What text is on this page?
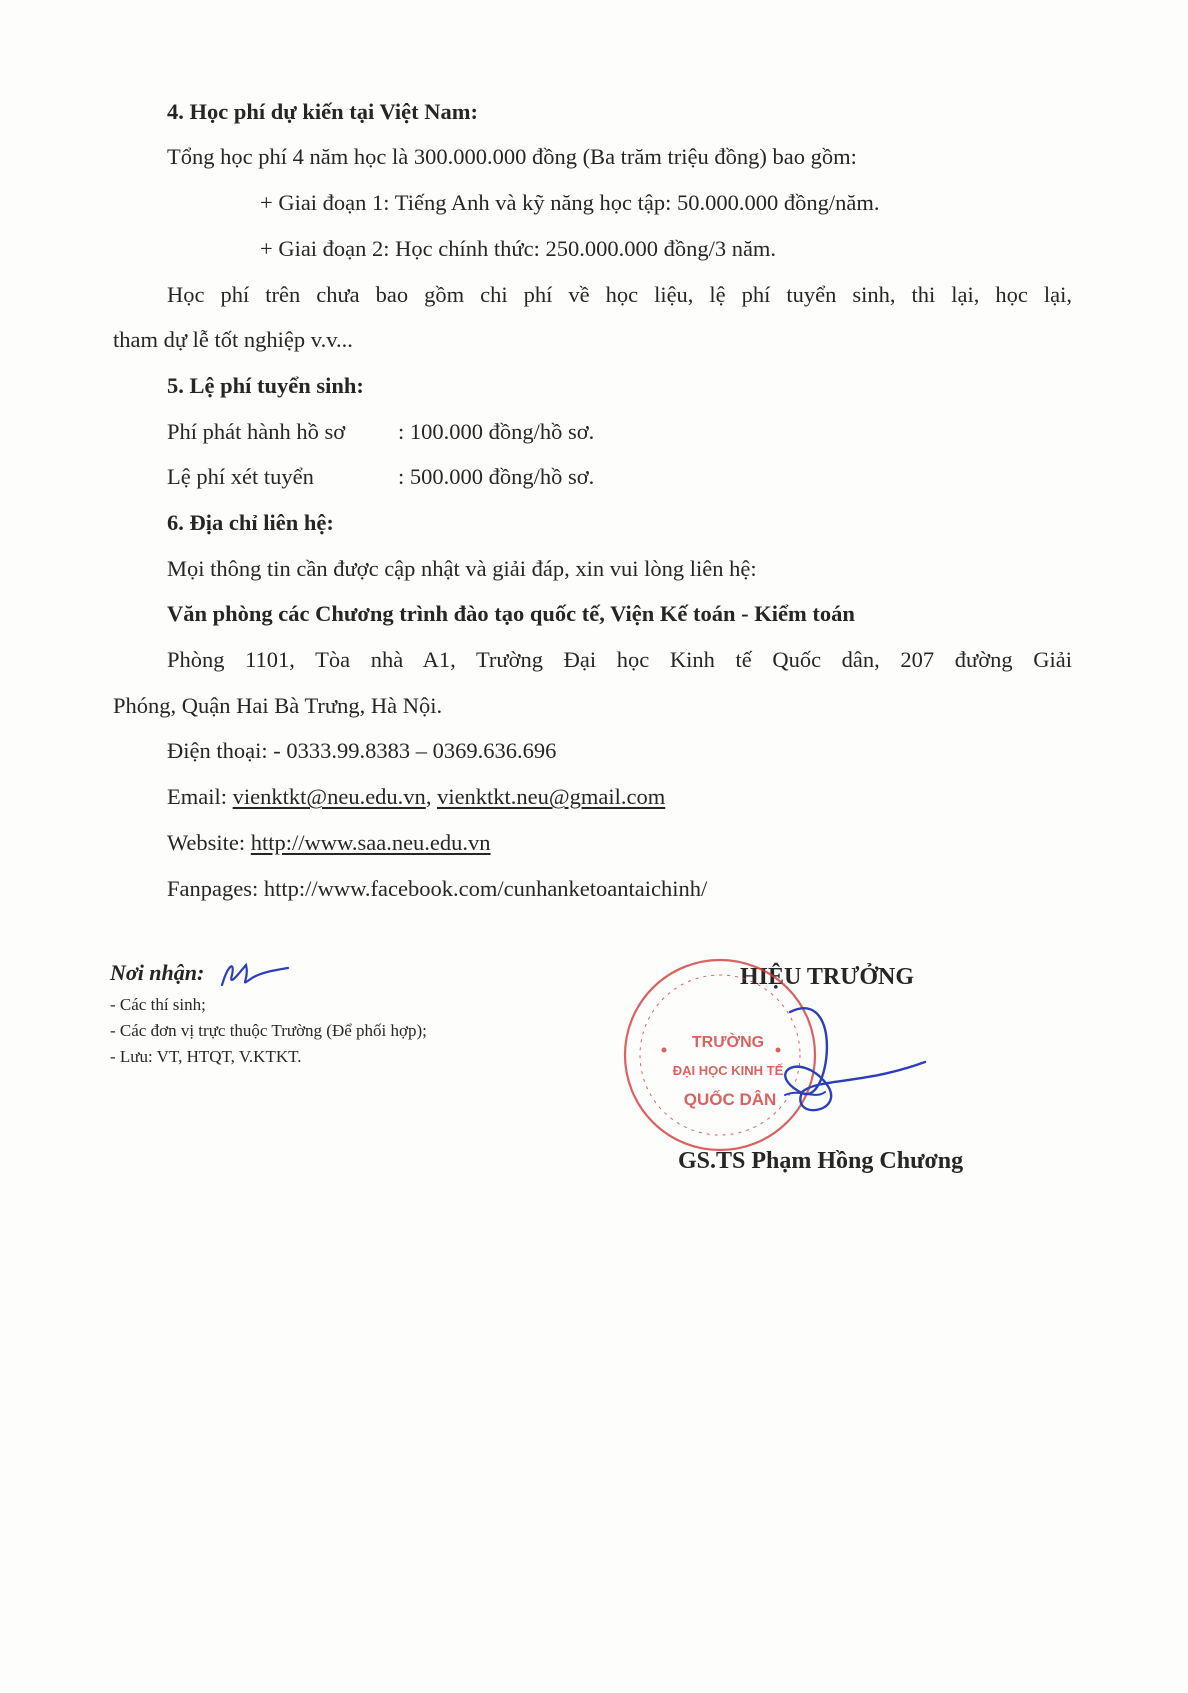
4. Học phí dự kiến tại Việt Nam:
Tổng học phí 4 năm học là 300.000.000 đồng (Ba trăm triệu đồng) bao gồm:
+ Giai đoạn 1: Tiếng Anh và kỹ năng học tập: 50.000.000 đồng/năm.
+ Giai đoạn 2: Học chính thức: 250.000.000 đồng/3 năm.
Học phí trên chưa bao gồm chi phí về học liệu, lệ phí tuyển sinh, thi lại, học lại,
tham dự lễ tốt nghiệp v.v...
5. Lệ phí tuyển sinh:
Phí phát hành hồ sơ : 100.000 đồng/hồ sơ.
Lệ phí xét tuyển	: 500.000 đồng/hồ sơ.
6. Địa chỉ liên hệ:
Mọi thông tin cần được cập nhật và giải đáp, xin vui lòng liên hệ:
Văn phòng các Chương trình đào tạo quốc tế, Viện Kế toán - Kiểm toán
Phòng 1101, Tòa nhà A1, Trường Đại học Kinh tế Quốc dân, 207 đường Giải
Phóng, Quận Hai Bà Trưng, Hà Nội.
Điện thoại: - 0333.99.8383 – 0369.636.696
Email: vienktkt@neu.edu.vn, vienktkt.neu@gmail.com
Website: http://www.saa.neu.edu.vn
Fanpages: http://www.facebook.com/cunhanketoantaichinh/
Nơi nhận:
- Các thí sinh;
- Các đơn vị trực thuộc Trường (Để phối hợp);
- Lưu: VT, HTQT, V.KTKT.
HIỆU TRƯỞNG
GS.TS Phạm Hồng Chương
TRƯỜNG
ĐẠI HỌC KINH TẾ
QUỐC DÂN
